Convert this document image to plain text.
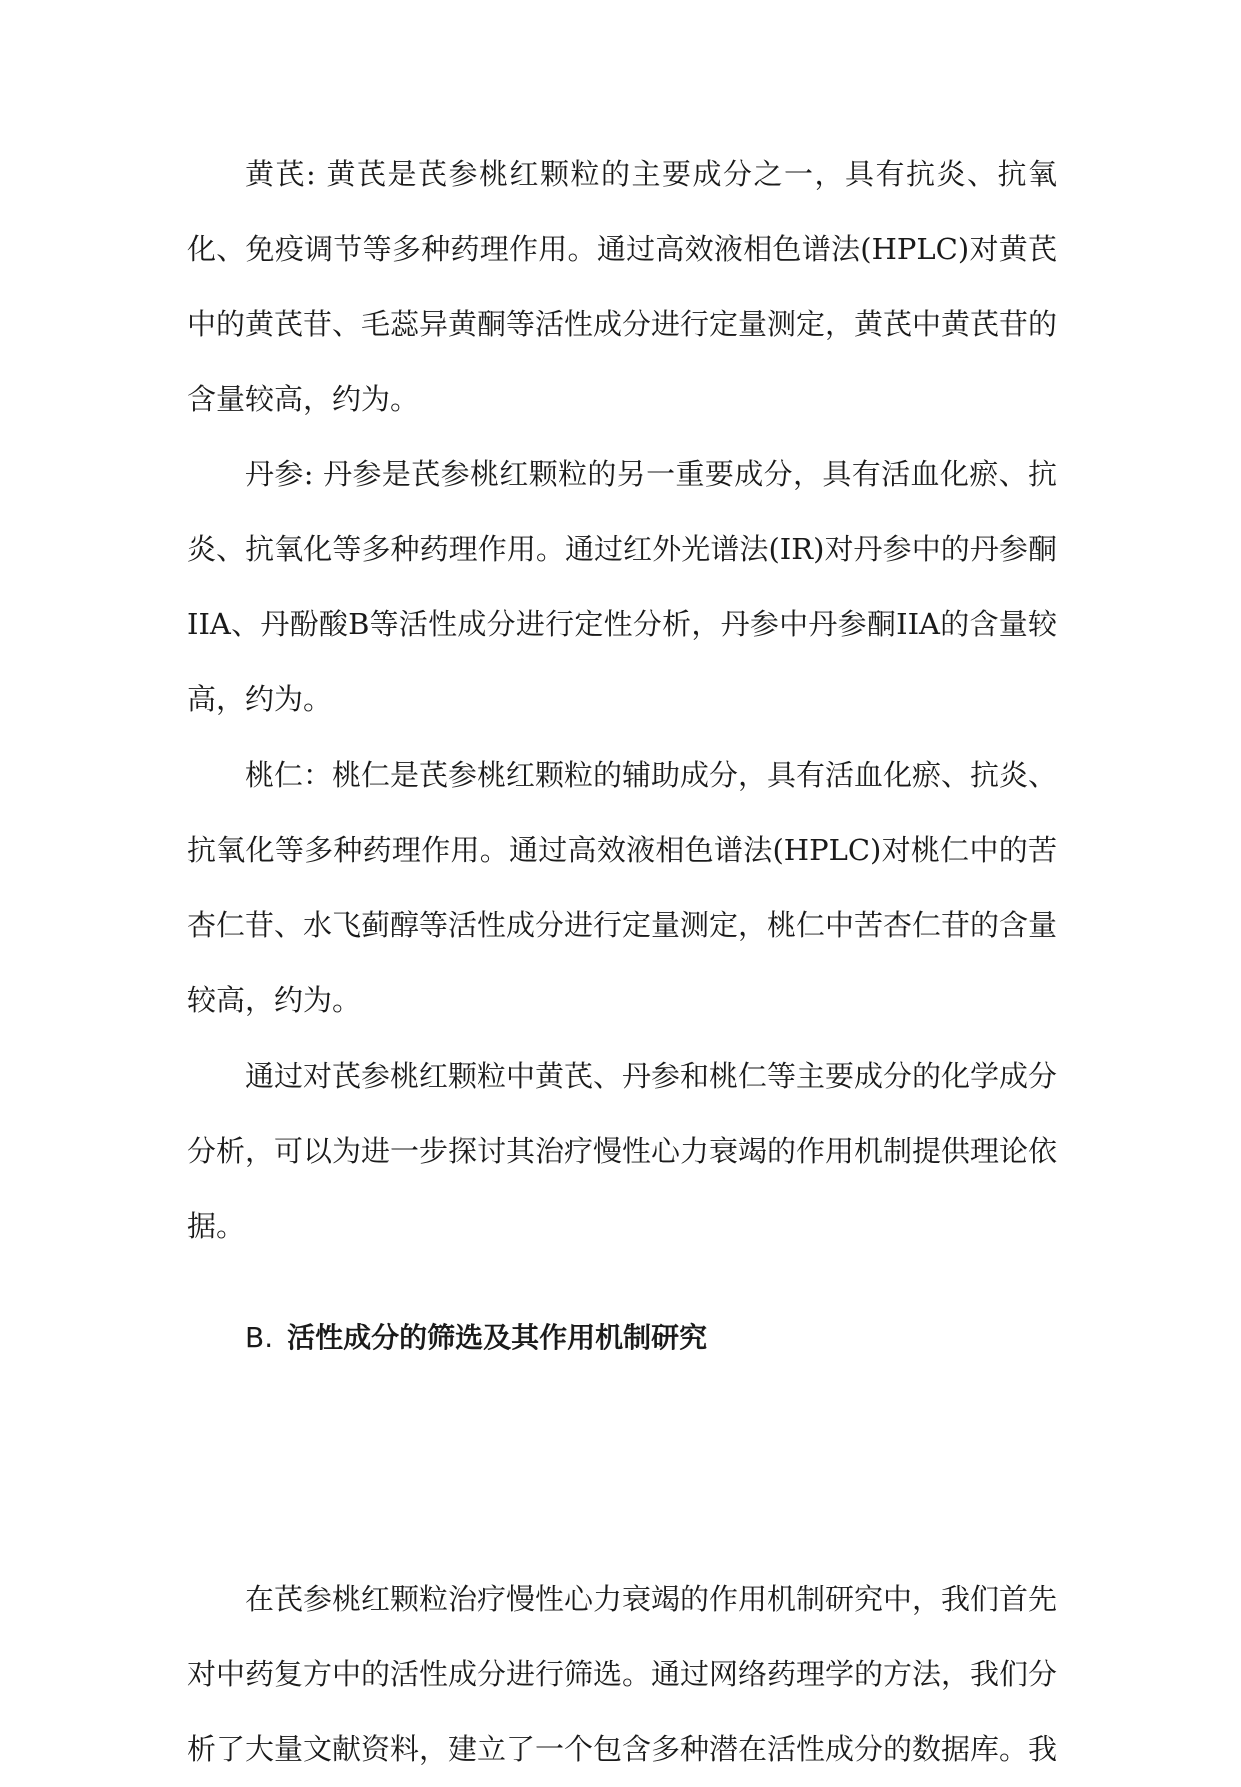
黄芪: 黄芪是芪参桃红颗粒的主要成分之一，具有抗炎、抗氧化、免疫调节等多种药理作用。通过高效液相色谱法(HPLC)对黄芪中的黄芪苷、毛蕊异黄酮等活性成分进行定量测定，黄芪中黄芪苷的含量较高，约为。

丹参: 丹参是芪参桃红颗粒的另一重要成分，具有活血化瘀、抗炎、抗氧化等多种药理作用。通过红外光谱法(IR)对丹参中的丹参酮IIA、丹酚酸B等活性成分进行定性分析，丹参中丹参酮IIA的含量较高，约为。

桃仁：桃仁是芪参桃红颗粒的辅助成分，具有活血化瘀、抗炎、抗氧化等多种药理作用。通过高效液相色谱法(HPLC)对桃仁中的苦杏仁苷、水飞蓟醇等活性成分进行定量测定，桃仁中苦杏仁苷的含量较高，约为。

通过对芪参桃红颗粒中黄芪、丹参和桃仁等主要成分的化学成分分析，可以为进一步探讨其治疗慢性心力衰竭的作用机制提供理论依据。

B. 活性成分的筛选及其作用机制研究

在芪参桃红颗粒治疗慢性心力衰竭的作用机制研究中，我们首先对中药复方中的活性成分进行筛选。通过网络药理学的方法，我们分析了大量文献资料，建立了一个包含多种潜在活性成分的数据库。我
